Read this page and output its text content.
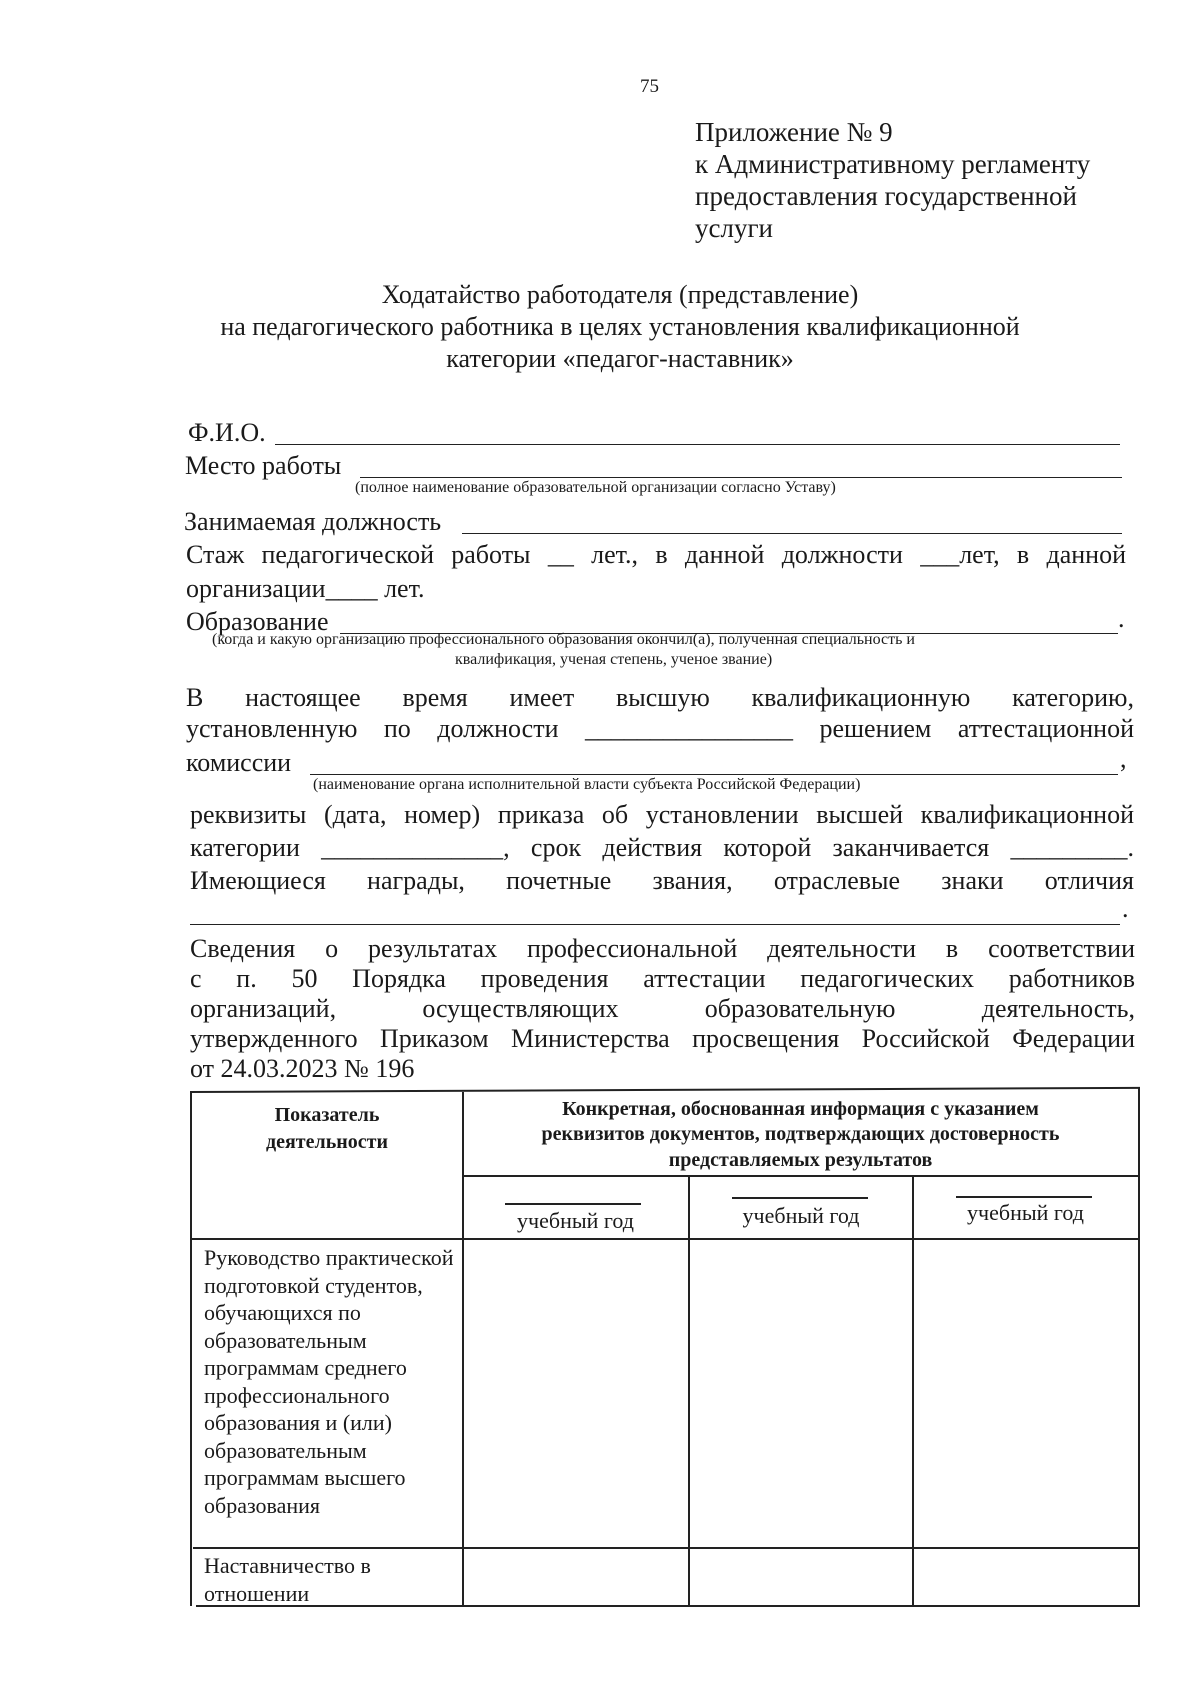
75
Приложение № 9
к Административному регламенту
предоставления государственной
услуги
Ходатайство работодателя (представление)
на педагогического работника в целях установления квалификационной
категории «педагог-наставник»
Ф.И.О.
Место работы
(полное наименование образовательной организации согласно Уставу)
Занимаемая должность
Стаж педагогической работы __ лет., в данной должности ___лет, в данной
организации____ лет.
Образование	.
(когда и какую организацию профессионального образования окончил(а), полученная специальность и
квалификация, ученая степень, ученое звание)
В настоящее время имеет высшую квалификационную категорию,
установленную по должности ________________ решением аттестационной
комиссии	,
(наименование органа исполнительной власти субъекта Российской Федерации)
реквизиты (дата, номер) приказа об установлении высшей квалификационной
категории ______________, срок действия которой заканчивается _________.
Имеющиеся награды, почетные звания, отраслевые знаки отличия
.
Сведения о результатах профессиональной деятельности в соответствии
с п. 50 Порядка проведения аттестации педагогических работников
организаций, осуществляющих образовательную деятельность,
утвержденного Приказом Министерства просвещения Российской Федерации
от 24.03.2023 № 196
Показатель
деятельности
Конкретная, обоснованная информация с указанием
реквизитов документов, подтверждающих достоверность
представляемых результатов
учебный год	учебный год	учебный год
Руководство практической подготовкой студентов, обучающихся по образовательным программам среднего профессионального образования и (или) образовательным программам высшего образования
Наставничество в отношении
